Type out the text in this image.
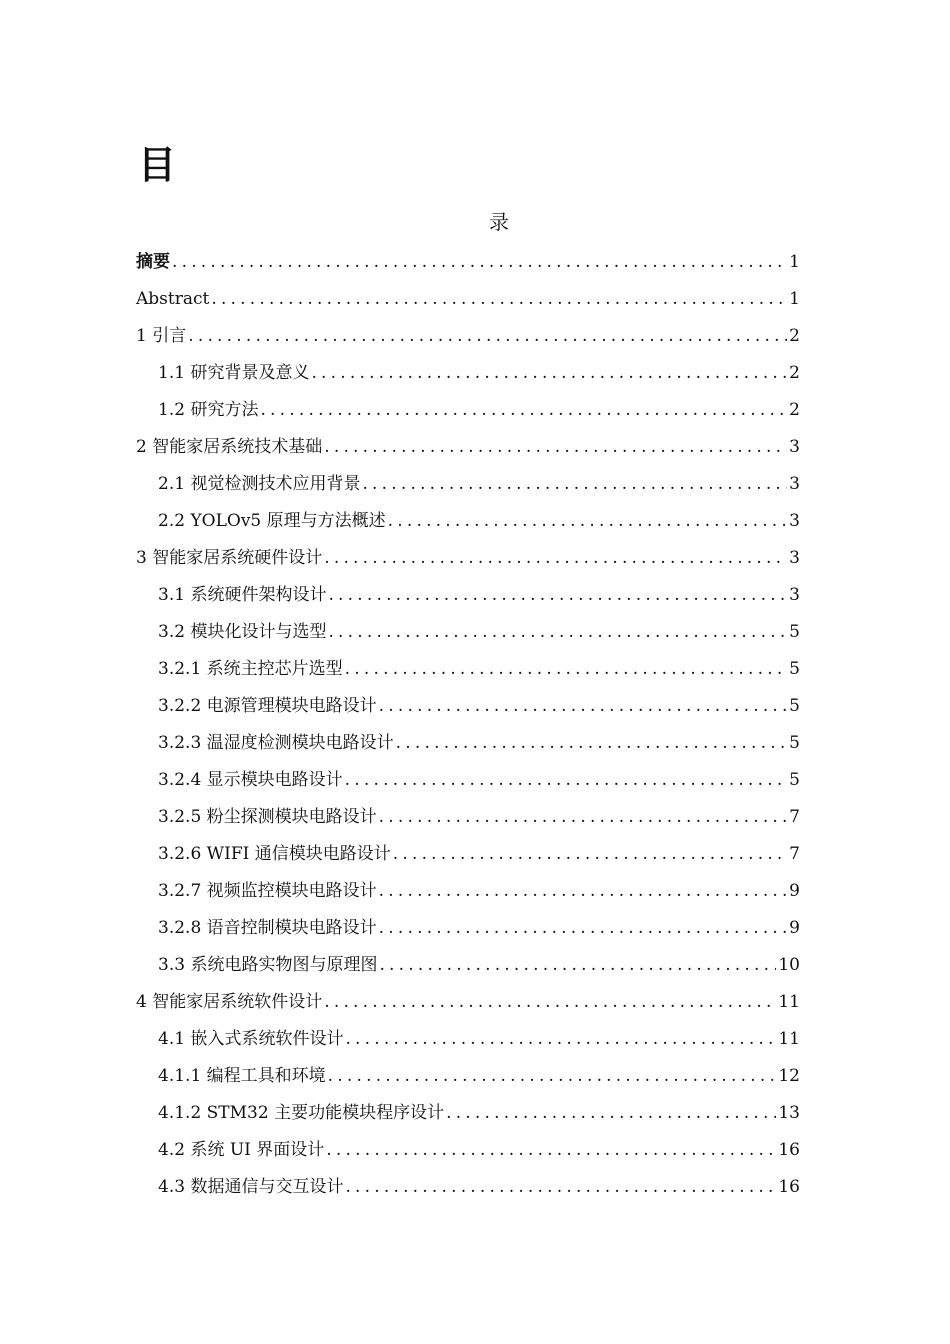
目
录
摘要 .....	1
Abstract .....	1
1 引言 .....	2
1.1 研究背景及意义 .....	2
1.2 研究方法 .....	2
2 智能家居系统技术基础 .....	3
2.1 视觉检测技术应用背景 .....	3
2.2 YOLOv5 原理与方法概述 .....	3
3 智能家居系统硬件设计 .....	3
3.1 系统硬件架构设计 .....	3
3.2 模块化设计与选型 .....	5
3.2.1 系统主控芯片选型 .....	5
3.2.2 电源管理模块电路设计 .....	5
3.2.3 温湿度检测模块电路设计 .....	5
3.2.4 显示模块电路设计 .....	5
3.2.5 粉尘探测模块电路设计 .....	7
3.2.6 WIFI 通信模块电路设计 .....	7
3.2.7 视频监控模块电路设计 .....	9
3.2.8 语音控制模块电路设计 .....	9
3.3 系统电路实物图与原理图 .....	10
4 智能家居系统软件设计 .....	11
4.1 嵌入式系统软件设计 .....	11
4.1.1 编程工具和环境 .....	12
4.1.2 STM32 主要功能模块程序设计 .....	13
4.2 系统 UI 界面设计 .....	16
4.3 数据通信与交互设计 .....	16
